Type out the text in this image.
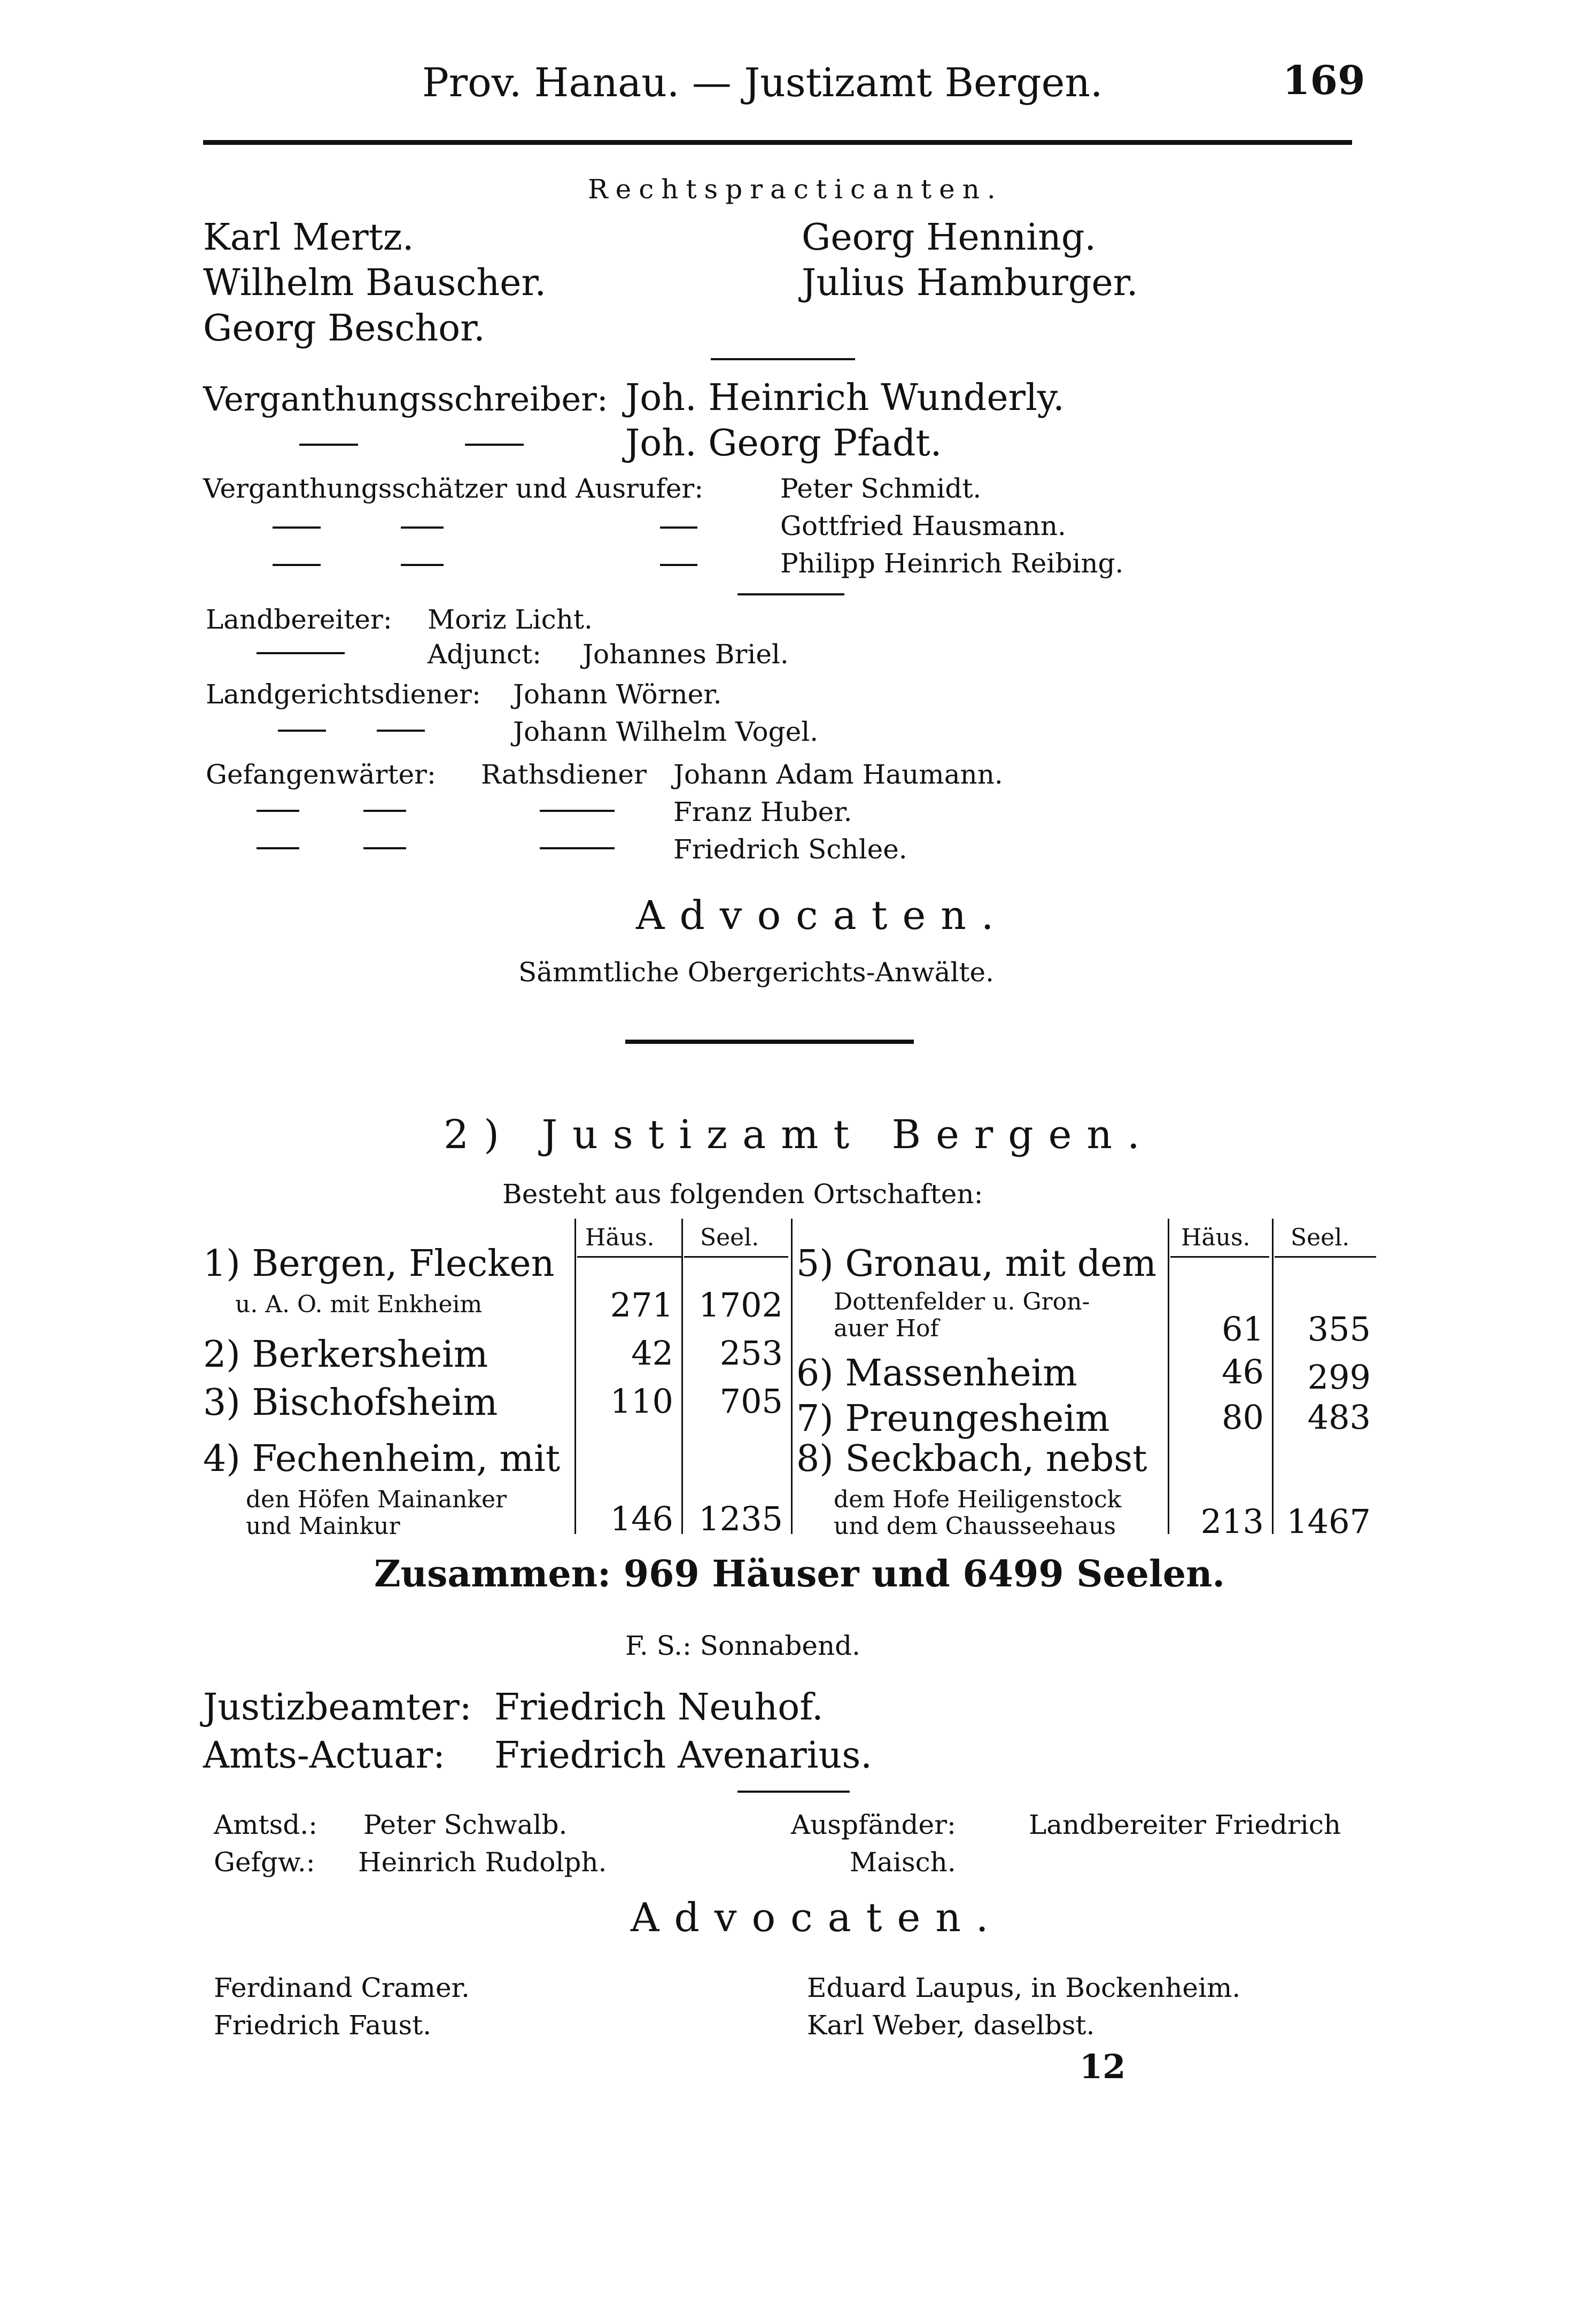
Prov. Hanau. — Justizamt Bergen.	169
Rechtspracticanten.
Karl Mertz.
Wilhelm Bauscher.
Georg Beschor.
Georg Henning.
Julius Hamburger.
Verganthungsschreiber: Joh. Heinrich Wunderly.
Joh. Georg Pfadt.
Verganthungsschätzer und Ausrufer:	Peter Schmidt.
Gottfried Hausmann.
Philipp Heinrich Reibing.
Landbereiter: Moriz Licht.
Adjunct: Johannes Briel.
Landgerichtsdiener: Johann Wörner.
Johann Wilhelm Vogel.
Gefangenwärter: Rathsdiener Johann Adam Haumann.
Franz Huber.
Friedrich Schlee.
Advocaten.
Sämmtliche Obergerichts-Anwälte.
2) Justizamt Bergen.
Besteht aus folgenden Ortschaften:
Häus. Seel.	Häus. Seel.
1) Bergen, Flecken
u. A. O. mit Enkheim	271 1702
2) Berkersheim	42	253
3) Bischofsheim	110	705
4) Fechenheim, mit
den Höfen Mainanker
und Mainkur	146 1235
5) Gronau, mit dem
Dottenfelder u. Gron-
auer Hof	61	355
6) Massenheim	46	299
7) Preungesheim	80	483
8) Seckbach, nebst
dem Hofe Heiligenstock
und dem Chausseehaus	213 1467
Zusammen: 969 Häuser und 6499 Seelen.
F. S.: Sonnabend.
Justizbeamter: Friedrich Neuhof.
Amts-Actuar: Friedrich Avenarius.
Amtsd.: Peter Schwalb.
Gefgw.: Heinrich Rudolph.
Auspfänder:	Landbereiter Friedrich
Maisch.
Advocaten.
Ferdinand Cramer.
Friedrich Faust.
Eduard Laupus, in Bockenheim.
Karl Weber, daselbst.
12
